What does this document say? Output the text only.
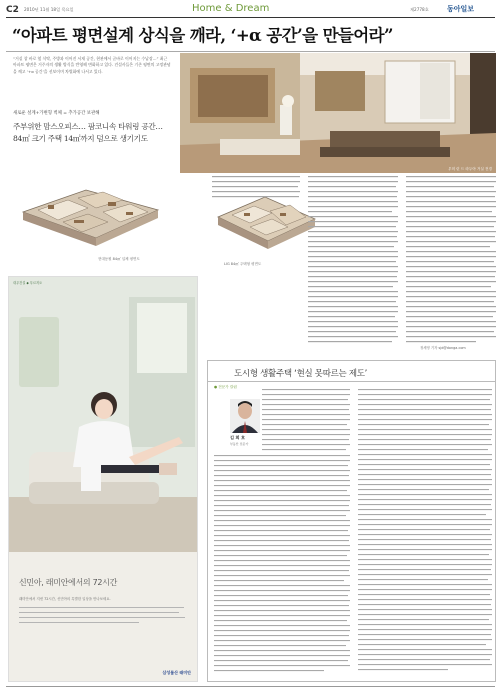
C2 2010년 11월 18일 목요일	Home & Dream	제2778호	동아일보
“아파트 평면설계 상식을 깨라, ‘+α 공간’을 만들어라”
“거실 창 바로 옆 식탁, 주방과 이어진 서재 공간, 현관에서 곧바로 이어지는 수납장…” 최근 아파트 평면은 거주자의 생활 방식을 반영해 변화하고 있다. 건설사들은 기존 평면의 고정관념을 깨고 ‘+α 공간’을 선보이며 차별화에 나서고 있다.
새로운 설계+가변형 벽체 = 추가공간 보관해
주부위한 맘스오피스… 팜코니속 타워링 공간…
84㎡ 크기 주택 14㎡까지 덤으로 생기기도
우미 린 드 라두아 거실 전경
현대동원 84㎡ 입체 평면도
LIG 84㎡ 주택형 평면도
정세영 기자 sjd@donga.com
대우건설 ◆ 푸르지오
신민아, 래미안에서의 72시간
래미안에서 지낸 72시간, 신민아의 특별한 일상을 만나보세요.
삼성물산 래미안
도시형 생활주택 ‘현실 못따르는 제도’
● 전문가 칼럼
김 희 호
부동산 전문가
